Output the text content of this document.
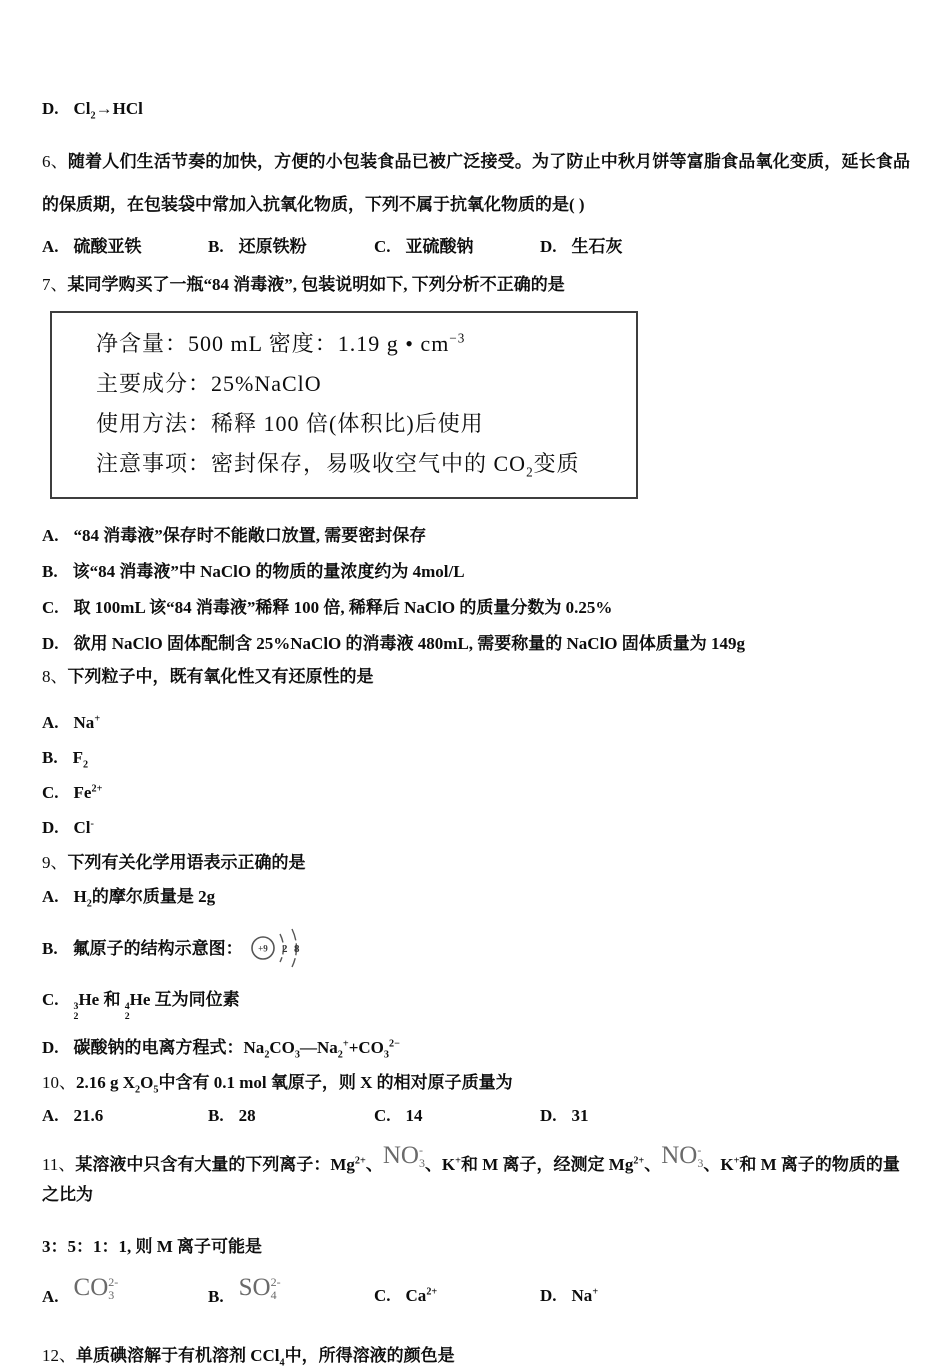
D. $Cl_2\to HCl$

6、随着人们生活节奏的加快，方便的小包装食品已被广泛接受。为了防止中秋月饼等富脂食品氧化变质，延长食品的保质期，在包装袋中常加入抗氧化物质，下列不属于抗氧化物质的是( )

A. 硫酸亚铁	B. 还原铁粉	C. 亚硫酸钠	D. 生石灰

7、某同学购买了一瓶“84 消毒液”, 包装说明如下, 下列分析不正确的是

净含量：500 mL 密度：1.19 g • $cm^{-3}$
主要成分：25%NaClO
使用方法：稀释 100 倍(体积比)后使用
注意事项：密封保存，易吸收空气中的 $CO_2$变质
A. “84 消毒液”保存时不能敞口放置, 需要密封保存
B. 该“84 消毒液”中 NaClO 的物质的量浓度约为 4mol/L
C. 取 100mL 该“84 消毒液”稀释 100 倍, 稀释后 NaClO 的质量分数为 0.25%
D. 欲用 NaClO 固体配制含 25%NaClO 的消毒液 480mL, 需要称量的 NaClO 固体质量为 149g

8、下列粒子中，既有氧化性又有还原性的是

A. Na+
B. $F_2$
C. $Fe^{2+}$
D. Cl-

9、下列有关化学用语表示正确的是

A. $H_2$的摩尔质量是 2g
B. 氟原子的结构示意图： +9 2 8
C. 3
2
He 和 4
2
He 互为同位素
D. 碳酸钠的电离方程式：$Na_2CO_3—Na_2^++CO_3^{2-}$

10、2.16 g $X_2O_5$中含有 0.1 mol 氧原子，则 X 的相对原子质量为

A. 21.6	B. 28	C. 14	D. 31

11、某溶液中只含有大量的下列离子：$Mg^{2+}$、 NO -
3 、K+和 M 离子，经测定 $Mg^{2+}$、 NO -
3 、K+和 M 离子的物质的量之比为

3：5：1：1, 则 M 离子可能是

A. CO 2-
3	B. SO 2-
4	C. $Ca^{2+}$	D. Na+

12、单质碘溶解于有机溶剂 CCl$_4$中，所得溶液的颜色是
